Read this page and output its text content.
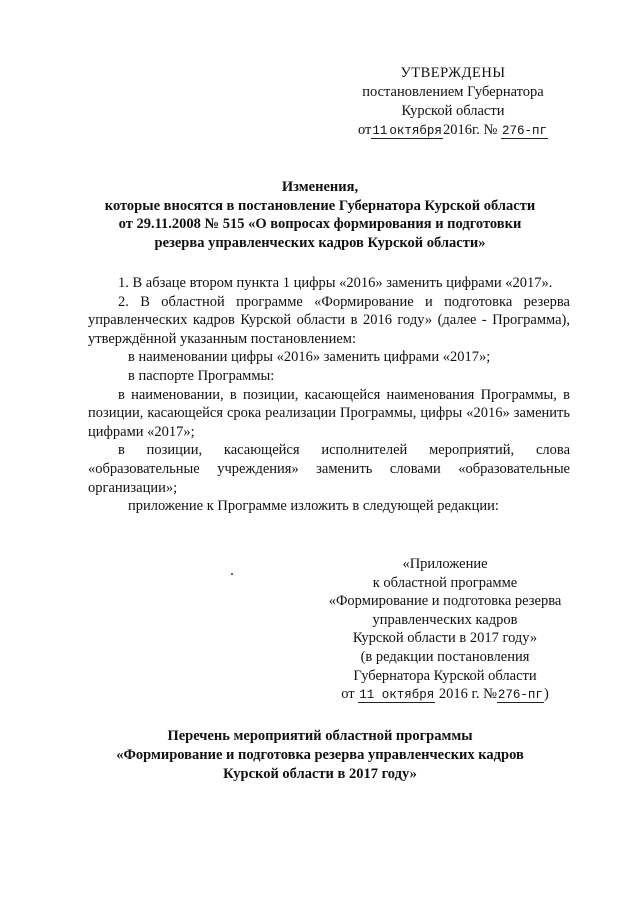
УТВЕРЖДЕНЫ
постановлением Губернатора
Курской области
от11 октября2016г. № 276-пг
Изменения,
которые вносятся в постановление Губернатора Курской области
от 29.11.2008 № 515 «О вопросах формирования и подготовки
резерва управленческих кадров Курской области»

1. В абзаце втором пункта 1 цифры «2016» заменить цифрами «2017».

2. В областной программе «Формирование и подготовка резерва управленческих кадров Курской области в 2016 году» (далее - Программа), утверждённой указанным постановлением:

в наименовании цифры «2016» заменить цифрами «2017»;

в паспорте Программы:

в наименовании, в позиции, касающейся наименования Программы, в позиции, касающейся срока реализации Программы, цифры «2016» заменить цифрами «2017»;

в позиции, касающейся исполнителей мероприятий, слова «образовательные учреждения» заменить словами «образовательные организации»;

приложение к Программе изложить в следующей редакции:

«Приложение
к областной программе
«Формирование и подготовка резерва
управленческих кадров
Курской области в 2017 году»
(в редакции постановления
Губернатора Курской области
от 11 октября 2016 г. №276-пг)
Перечень мероприятий областной программы
«Формирование и подготовка резерва управленческих кадров
Курской области в 2017 году»
